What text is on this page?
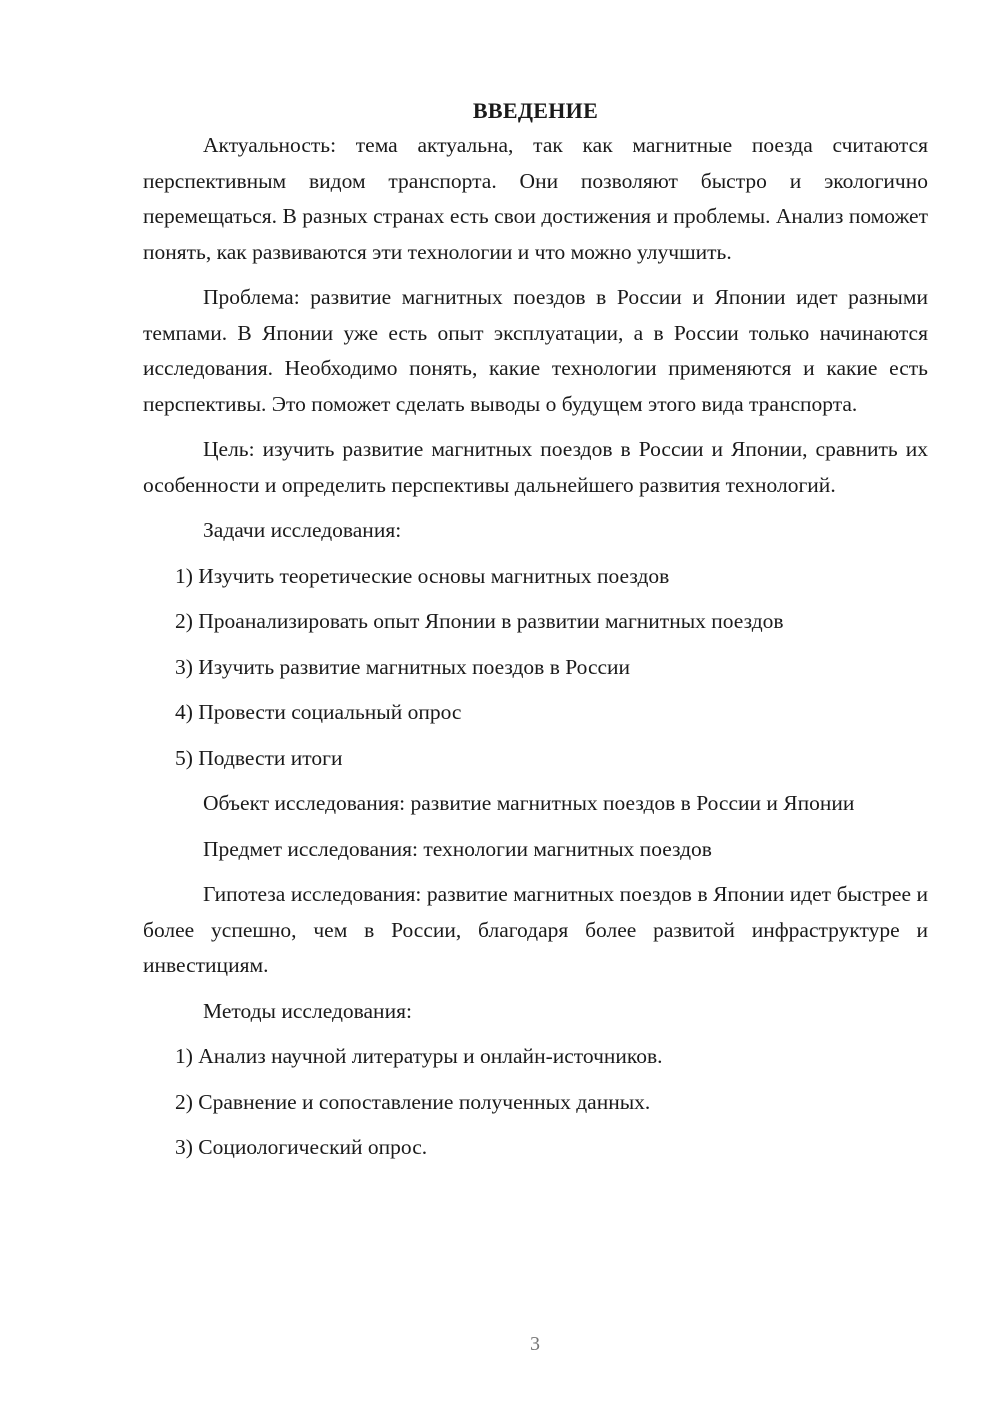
ВВЕДЕНИЕ

Актуальность: тема актуальна, так как магнитные поезда считаются перспективным видом транспорта. Они позволяют быстро и экологично перемещаться. В разных странах есть свои достижения и проблемы. Анализ поможет понять, как развиваются эти технологии и что можно улучшить.

Проблема: развитие магнитных поездов в России и Японии идет разными темпами. В Японии уже есть опыт эксплуатации, а в России только начинаются исследования. Необходимо понять, какие технологии применяются и какие есть перспективы. Это поможет сделать выводы о будущем этого вида транспорта.

Цель: изучить развитие магнитных поездов в России и Японии, сравнить их особенности и определить перспективы дальнейшего развития технологий.

Задачи исследования:

1) Изучить теоретические основы магнитных поездов

2) Проанализировать опыт Японии в развитии магнитных поездов

3) Изучить развитие магнитных поездов в России

4) Провести социальный опрос

5) Подвести итоги

Объект исследования: развитие магнитных поездов в России и Японии

Предмет исследования: технологии магнитных поездов

Гипотеза исследования: развитие магнитных поездов в Японии идет быстрее и более успешно, чем в России, благодаря более развитой инфраструктуре и инвестициям.

Методы исследования:

1) Анализ научной литературы и онлайн-источников.

2) Сравнение и сопоставление полученных данных.

3) Социологический опрос.

3
